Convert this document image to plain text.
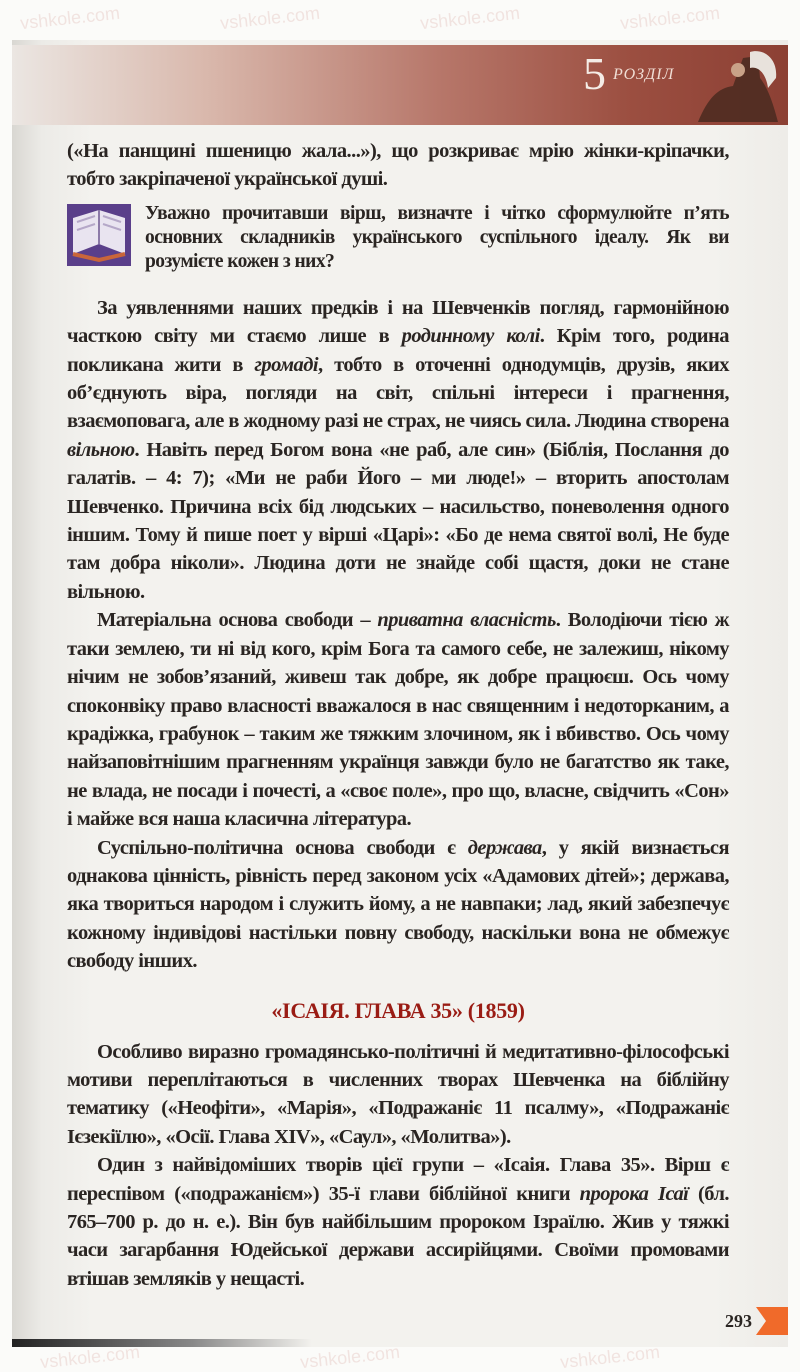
5 РОЗДІЛ

(«На панщині пшеницю жала...»), що розкриває мрію жінки-кріпачки, тобто закріпаченої української душі.

Уважно прочитавши вірш, визначте і чітко сформулюйте п’ять основних складників українського суспільного ідеалу. Як ви розумієте кожен з них?

За уявленнями наших предків і на Шевченків погляд, гармонійною часткою світу ми стаємо лише в родинному колі. Крім того, родина покликана жити в громаді, тобто в оточенні однодумців, друзів, яких об’єднують віра, погляди на світ, спільні інтереси і прагнення, взаємоповага, але в жодному разі не страх, не чиясь сила. Людина створена вільною. Навіть перед Богом вона «не раб, але син» (Біблія, Послання до галатів. – 4: 7); «Ми не раби Його – ми люде!» – вторить апостолам Шевченко. Причина всіх бід людських – насильство, поневолення одного іншим. Тому й пише поет у вірші «Царі»: «Бо де нема святої волі, Не буде там добра ніколи». Людина доти не знайде собі щастя, доки не стане вільною.

Матеріальна основа свободи – приватна власність. Володіючи тією ж таки землею, ти ні від кого, крім Бога та самого себе, не залежиш, нікому нічим не зобов’язаний, живеш так добре, як добре працюєш. Ось чому споконвіку право власності вважалося в нас священним і недоторканим, а крадіжка, грабунок – таким же тяжким злочином, як і вбивство. Ось чому найзаповітнішим прагненням українця завжди було не багатство як таке, не влада, не посади і почесті, а «своє поле», про що, власне, свідчить «Сон» і майже вся наша класична література.

Суспільно-політична основа свободи є держава, у якій визнається однакова цінність, рівність перед законом усіх «Адамових дітей»; держава, яка твориться народом і служить йому, а не навпаки; лад, який забезпечує кожному індивідові настільки повну свободу, наскільки вона не обмежує свободу інших.

«ІСАІЯ. ГЛАВА 35» (1859)

Особливо виразно громадянсько-політичні й медитативно-філософські мотиви переплітаються в численних творах Шевченка на біблійну тематику («Неофіти», «Марія», «Подражаніє 11 псалму», «Подражаніє Ієзекіїлю», «Осії. Глава XIV», «Саул», «Молитва»).

Один з найвідоміших творів цієї групи – «Ісаія. Глава 35». Вірш є переспівом («подражанієм») 35-ї глави біблійної книги пророка Ісаї (бл. 765–700 р. до н. е.). Він був найбільшим пророком Ізраїлю. Жив у тяжкі часи загарбання Юдейської держави ассирійцями. Своїми промовами втішав земляків у нещасті.

293
vshkole.com	vshkole.com	vshkole.com	vshkole.com
vshkole.com	vshkole.com	vshkole.com
